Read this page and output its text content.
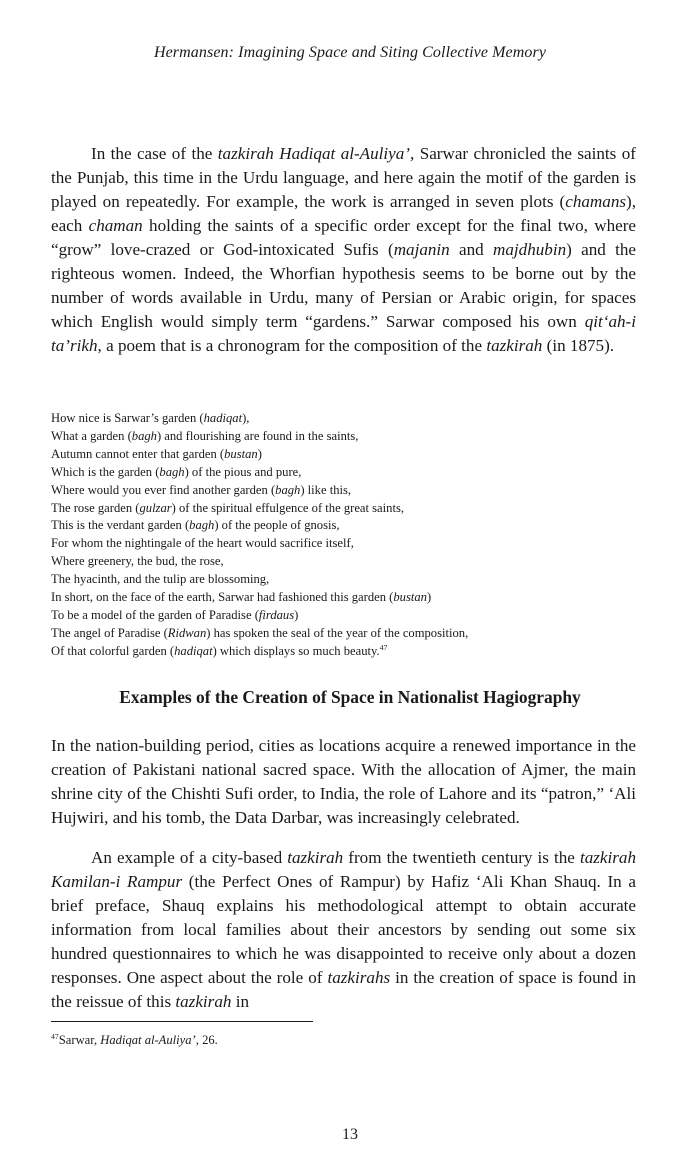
Hermansen: Imagining Space and Siting Collective Memory
In the case of the tazkirah Hadiqat al-Auliya’, Sarwar chronicled the saints of the Punjab, this time in the Urdu language, and here again the motif of the garden is played on repeatedly. For example, the work is arranged in seven plots (chamans), each chaman holding the saints of a specific order except for the final two, where “grow” love-crazed or God-intoxicated Sufis (majanin and majdhubin) and the righteous women. Indeed, the Whorfian hypothesis seems to be borne out by the number of words available in Urdu, many of Persian or Arabic origin, for spaces which English would simply term “gardens.” Sarwar composed his own qit‘ah-i ta’rikh, a poem that is a chronogram for the composition of the tazkirah (in 1875).
How nice is Sarwar’s garden (hadiqat),
What a garden (bagh) and flourishing are found in the saints,
Autumn cannot enter that garden (bustan)
Which is the garden (bagh) of the pious and pure,
Where would you ever find another garden (bagh) like this,
The rose garden (gulzar) of the spiritual effulgence of the great saints,
This is the verdant garden (bagh) of the people of gnosis,
For whom the nightingale of the heart would sacrifice itself,
Where greenery, the bud, the rose,
The hyacinth, and the tulip are blossoming,
In short, on the face of the earth, Sarwar had fashioned this garden (bustan)
To be a model of the garden of Paradise (firdaus)
The angel of Paradise (Ridwan) has spoken the seal of the year of the composition,
Of that colorful garden (hadiqat) which displays so much beauty.$^{47}$
Examples of the Creation of Space in Nationalist Hagiography
In the nation-building period, cities as locations acquire a renewed importance in the creation of Pakistani national sacred space. With the allocation of Ajmer, the main shrine city of the Chishti Sufi order, to India, the role of Lahore and its “patron,” ‘Ali Hujwiri, and his tomb, the Data Darbar, was increasingly celebrated.
An example of a city-based tazkirah from the twentieth century is the tazkirah Kamilan-i Rampur (the Perfect Ones of Rampur) by Hafiz ‘Ali Khan Shauq. In a brief preface, Shauq explains his methodological attempt to obtain accurate information from local families about their ancestors by sending out some six hundred questionnaires to which he was disappointed to receive only about a dozen responses. One aspect about the role of tazkirahs in the creation of space is found in the reissue of this tazkirah in
$^{47}$Sarwar, Hadiqat al-Auliya’, 26.
13
